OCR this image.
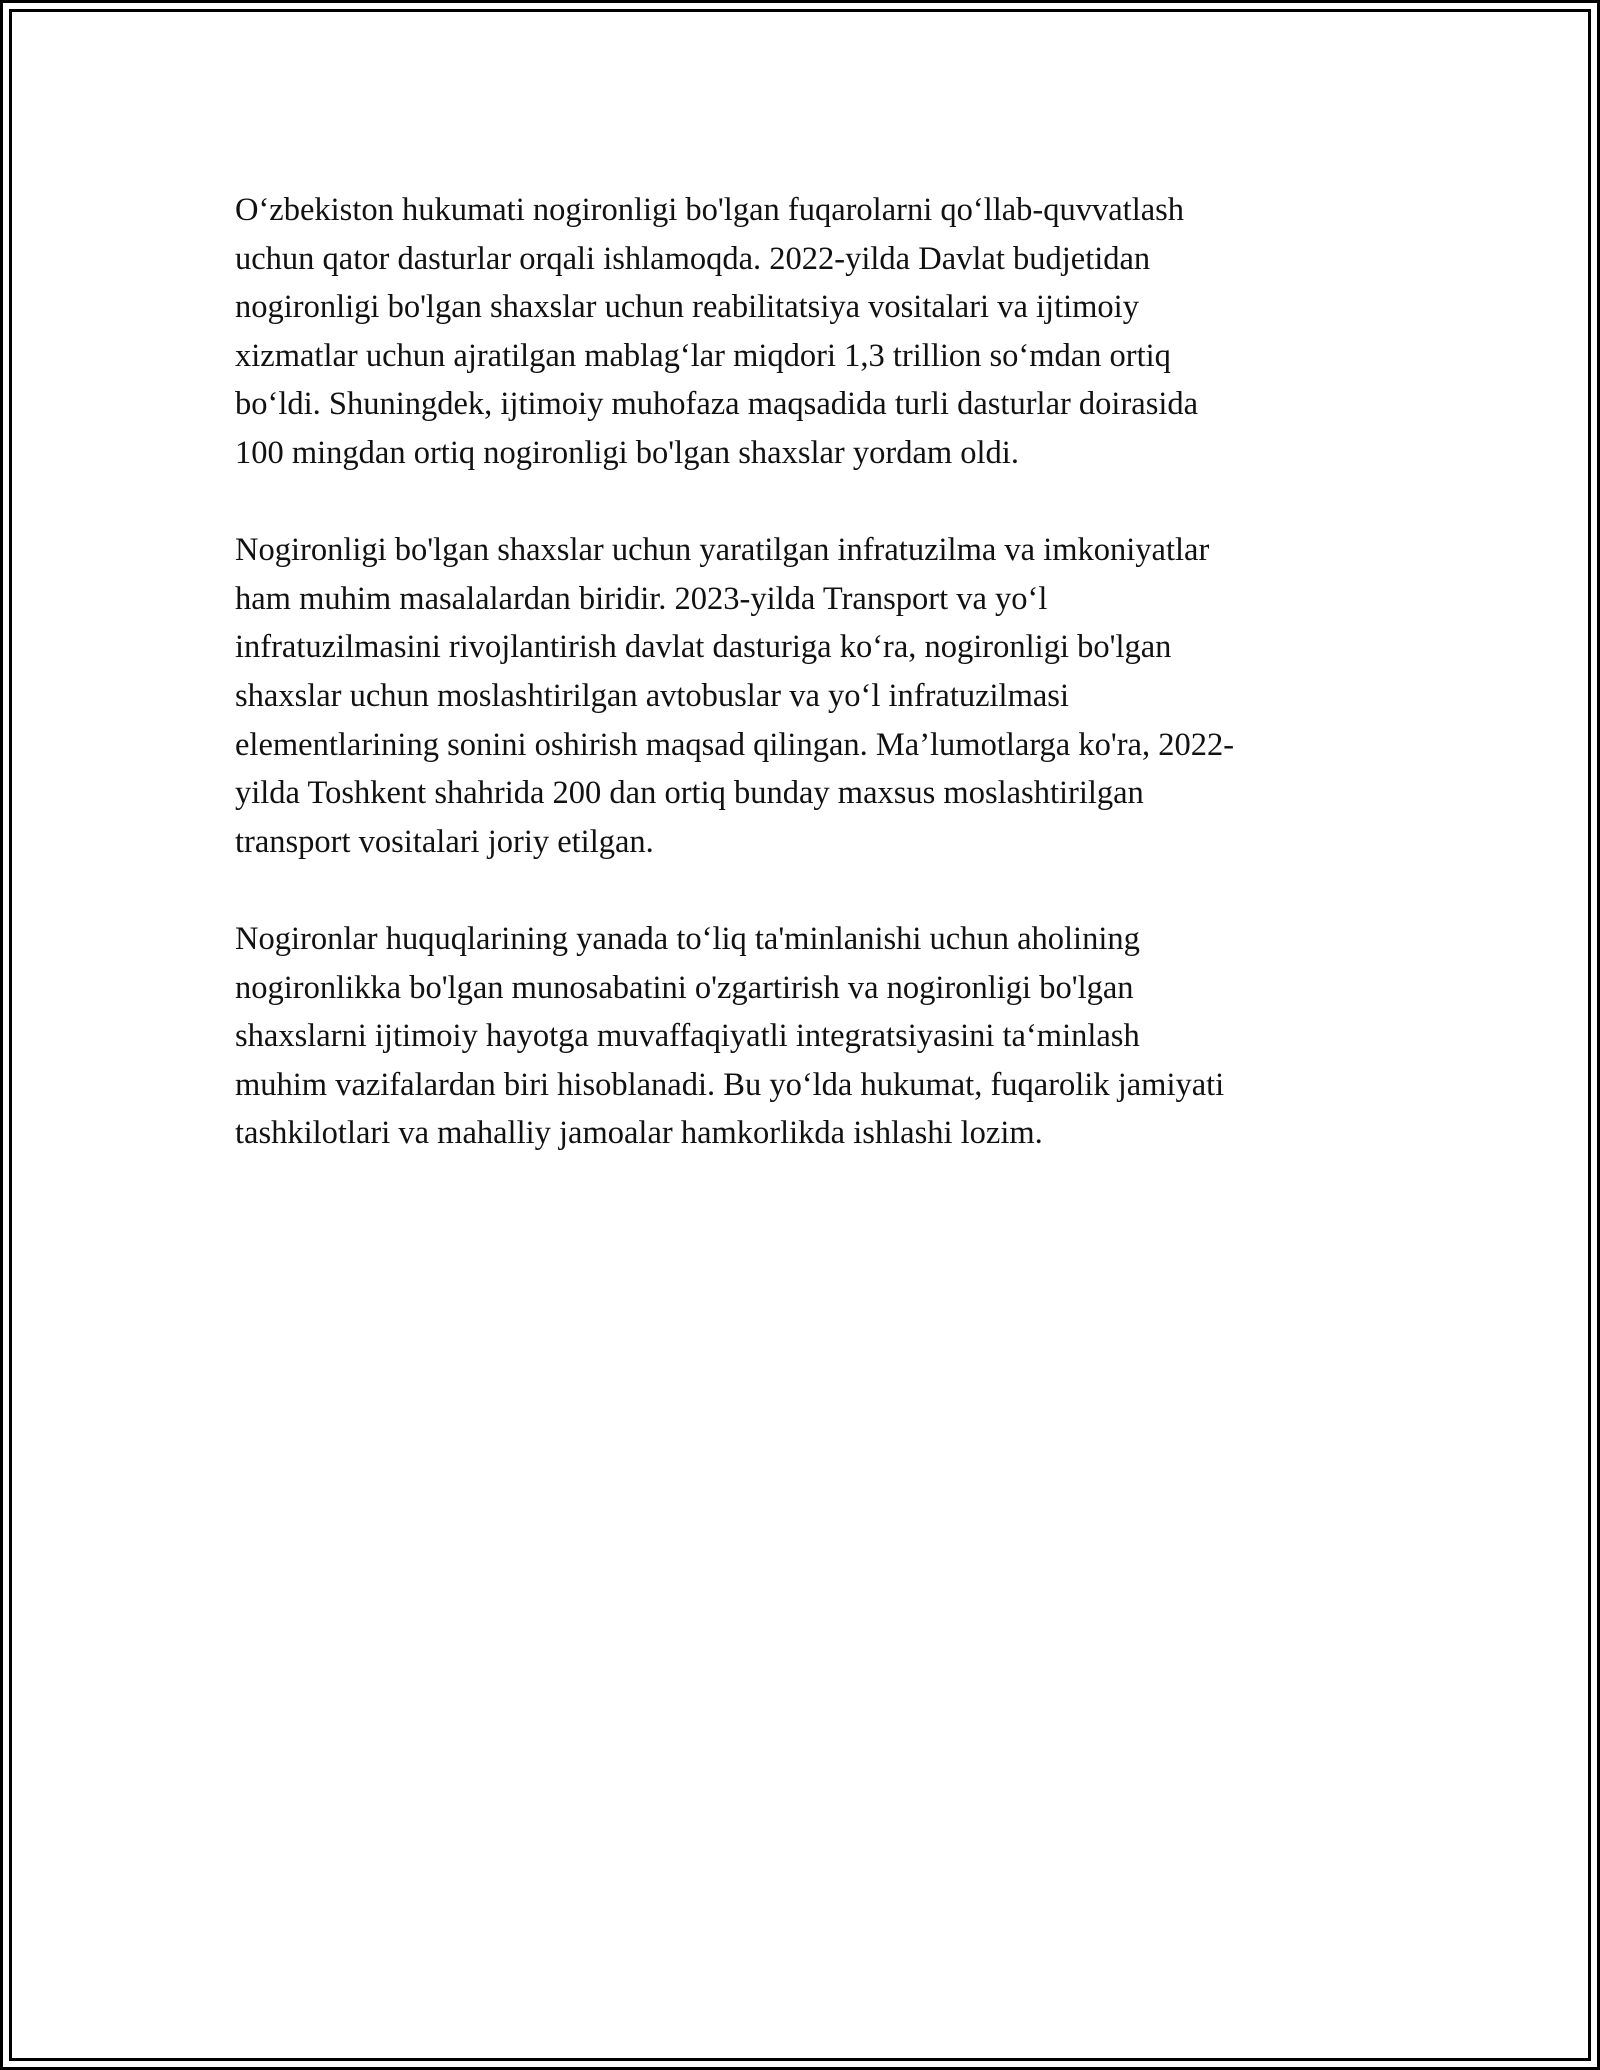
O‘zbekiston hukumati nogironligi bo'lgan fuqarolarni qo‘llab-quvvatlash
uchun qator dasturlar orqali ishlamoqda. 2022-yilda Davlat budjetidan
nogironligi bo'lgan shaxslar uchun reabilitatsiya vositalari va ijtimoiy
xizmatlar uchun ajratilgan mablag‘lar miqdori 1,3 trillion so‘mdan ortiq
bo‘ldi. Shuningdek, ijtimoiy muhofaza maqsadida turli dasturlar doirasida
100 mingdan ortiq nogironligi bo'lgan shaxslar yordam oldi.

Nogironligi bo'lgan shaxslar uchun yaratilgan infratuzilma va imkoniyatlar
ham muhim masalalardan biridir. 2023-yilda Transport va yo‘l
infratuzilmasini rivojlantirish davlat dasturiga ko‘ra, nogironligi bo'lgan
shaxslar uchun moslashtirilgan avtobuslar va yo‘l infratuzilmasi
elementlarining sonini oshirish maqsad qilingan. Ma’lumotlarga ko'ra, 2022-
yilda Toshkent shahrida 200 dan ortiq bunday maxsus moslashtirilgan
transport vositalari joriy etilgan.

Nogironlar huquqlarining yanada to‘liq ta'minlanishi uchun aholining
nogironlikka bo'lgan munosabatini o'zgartirish va nogironligi bo'lgan
shaxslarni ijtimoiy hayotga muvaffaqiyatli integratsiyasini ta‘minlash
muhim vazifalardan biri hisoblanadi. Bu yo‘lda hukumat, fuqarolik jamiyati
tashkilotlari va mahalliy jamoalar hamkorlikda ishlashi lozim.
